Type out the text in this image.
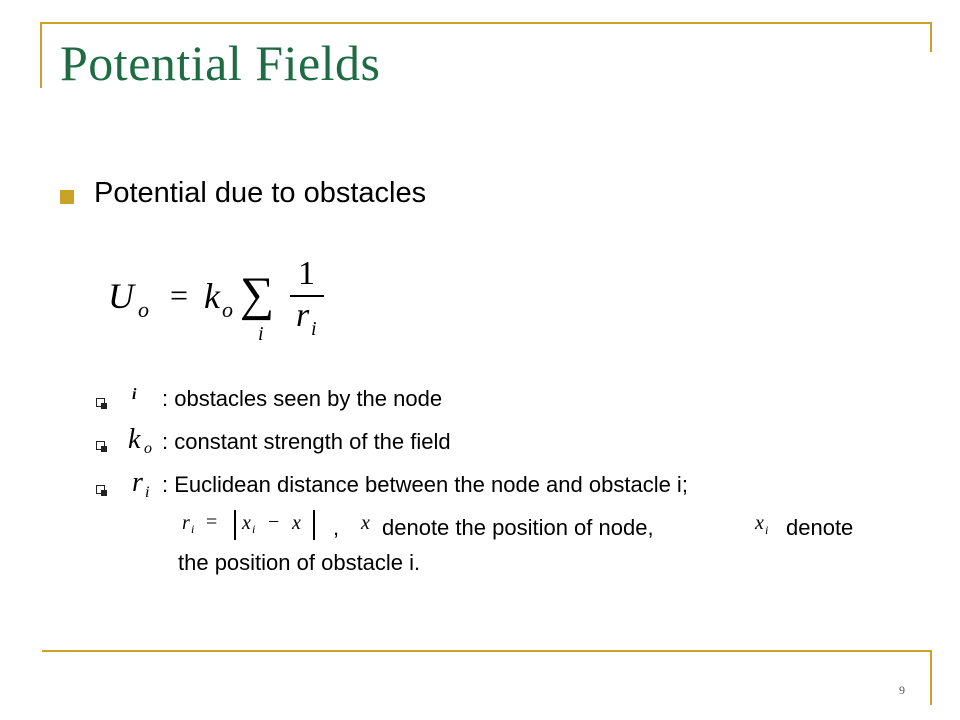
Potential Fields
Potential due to obstacles
U o = k o ∑
i
1
r i
i : obstacles seen by the node
k o : constant strength of the field
r i : Euclidean distance between the node and obstacle i;
r i = x i − x , x denote the position of node,	x i denote
the position of obstacle i.
9
